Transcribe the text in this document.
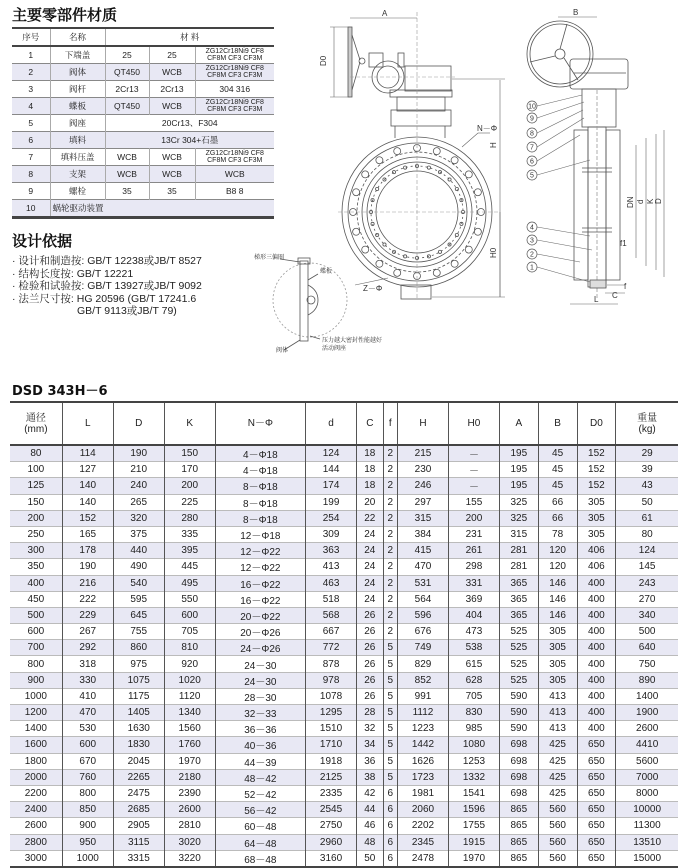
主要零部件材质
序号	名称	材 料		
1	下端盖	25	25	ZG12Cr18Ni9 CF8 CF8M CF3 CF3M
2	阀体	QT450	WCB	ZG12Cr18Ni9 CF8 CF8M CF3 CF3M
3	阀杆	2Cr13	2Cr13	304 316
4	蝶板	QT450	WCB	ZG12Cr18Ni9 CF8 CF8M CF3 CF3M
5	阀座	20Cr13、F304		
6	填料	13Cr 304+石墨		
7	填料压盖	WCB	WCB	ZG12Cr18Ni9 CF8 CF8M CF3 CF3M
8	支架	WCB	WCB	WCB
9	螺栓	35	35	B8 8
10	蜗轮驱动装置			
设计依据
· 设计和制造按: GB/T 12238或JB/T 8527
· 结构长度按: GB/T 12221
· 检验和试验按: GB/T 13927或JB/T 9092
· 法兰尺寸按: HG 20596 (GB/T 17241.6
GB/T 9113或JB/T 79)
A
D0
N－Φ
H
H0
Z－Φ
B
DN d K D
f1
f
C
L
10
9
8
7
6
5
4
3
2
1
梯形三偏圈
蝶板
阀体
压力越大密封性能越好
活动阀座
DSD 343H－6
通径
(mm)	L	D	K	N－Φ	d	C	f	H	H0	A	B	D0	重量
(kg)
80	114	190	150	4－Φ18	124	18	2	215	－	195	45	152	29
100	127	210	170	4－Φ18	144	18	2	230	－	195	45	152	39
125	140	240	200	8－Φ18	174	18	2	246	－	195	45	152	43
150	140	265	225	8－Φ18	199	20	2	297	155	325	66	305	50
200	152	320	280	8－Φ18	254	22	2	315	200	325	66	305	61
250	165	375	335	12－Φ18	309	24	2	384	231	315	78	305	80
300	178	440	395	12－Φ22	363	24	2	415	261	281	120	406	124
350	190	490	445	12－Φ22	413	24	2	470	298	281	120	406	145
400	216	540	495	16－Φ22	463	24	2	531	331	365	146	400	243
450	222	595	550	16－Φ22	518	24	2	564	369	365	146	400	270
500	229	645	600	20－Φ22	568	26	2	596	404	365	146	400	340
600	267	755	705	20－Φ26	667	26	2	676	473	525	305	400	500
700	292	860	810	24－Φ26	772	26	5	749	538	525	305	400	640
800	318	975	920	24－30	878	26	5	829	615	525	305	400	750
900	330	1075	1020	24－30	978	26	5	852	628	525	305	400	890
1000	410	1175	1120	28－30	1078	26	5	991	705	590	413	400	1400
1200	470	1405	1340	32－33	1295	28	5	1112	830	590	413	400	1900
1400	530	1630	1560	36－36	1510	32	5	1223	985	590	413	400	2600
1600	600	1830	1760	40－36	1710	34	5	1442	1080	698	425	650	4410
1800	670	2045	1970	44－39	1918	36	5	1626	1253	698	425	650	5600
2000	760	2265	2180	48－42	2125	38	5	1723	1332	698	425	650	7000
2200	800	2475	2390	52－42	2335	42	6	1981	1541	698	425	650	8000
2400	850	2685	2600	56－42	2545	44	6	2060	1596	865	560	650	10000
2600	900	2905	2810	60－48	2750	46	6	2202	1755	865	560	650	11300
2800	950	3115	3020	64－48	2960	48	6	2345	1915	865	560	650	13510
3000	1000	3315	3220	68－48	3160	50	6	2478	1970	865	560	650	15000
